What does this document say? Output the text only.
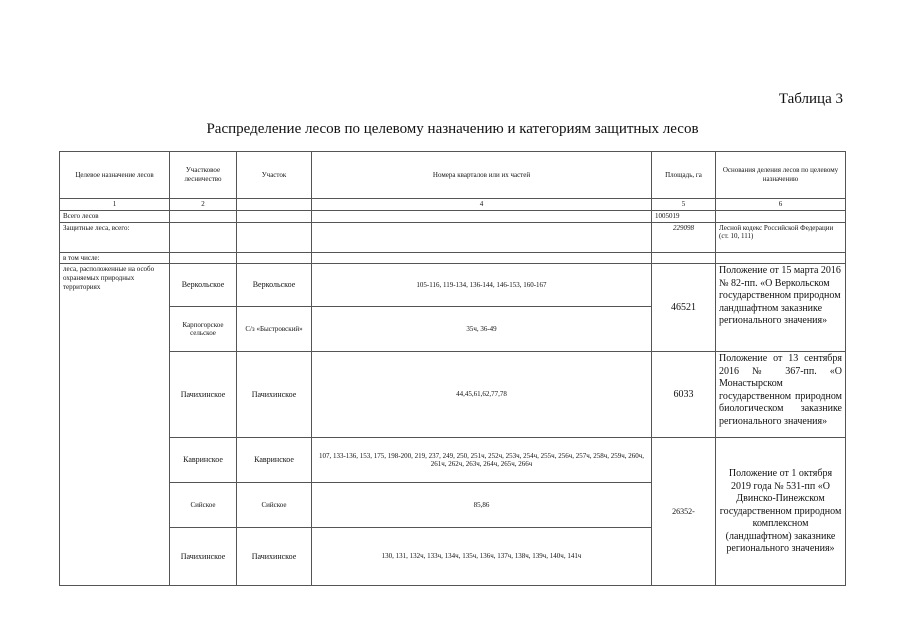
Таблица 3
Распределение лесов по целевому назначению и категориям защитных лесов
Целевое назначение лесов	Участковое лесничество	Участок	Номера кварталов или их частей	Площадь, га	Основания деления лесов по целевому назначению
1	2		4	5	6
Всего лесов				1005019	
Защитные леса, всего:				229098	Лесной кодекс Российской Федерации (ст. 10, 111)
в том числе:					
леса, расположенные на особо охраняемых природных территориях	Веркольское	Веркольское	105-116, 119-134, 136-144, 146-153, 160-167	46521	Положение от 15 марта 2016 № 82-пп. «О Веркольском государственном природном ландшафтном заказнике регионального значения»
	Карпогорское сельское	С/з «Быстровский»	35ч, 36-49		
	Пачихинское	Пачихинское	44,45,61,62,77,78	6033	Положение от 13 сентября 2016 № 367-пп. «О Монастырском государственном природном биологическом заказнике регионального значения»
	Кавринское	Кавринское	107, 133-136, 153, 175, 198-200, 219, 237, 249, 250, 251ч, 252ч, 253ч, 254ч, 255ч, 256ч, 257ч, 258ч, 259ч, 260ч, 261ч, 262ч, 263ч, 264ч, 265ч, 266ч	26352-	Положение от 1 октября 2019 года № 531-пп «О Двинско-Пинежском государственном природном комплексном (ландшафтном) заказнике регионального значения»
	Сийское	Сийское	85,86		
	Пачихинское	Пачихинское	130, 131, 132ч, 133ч, 134ч, 135ч, 136ч, 137ч, 138ч, 139ч, 140ч, 141ч		
